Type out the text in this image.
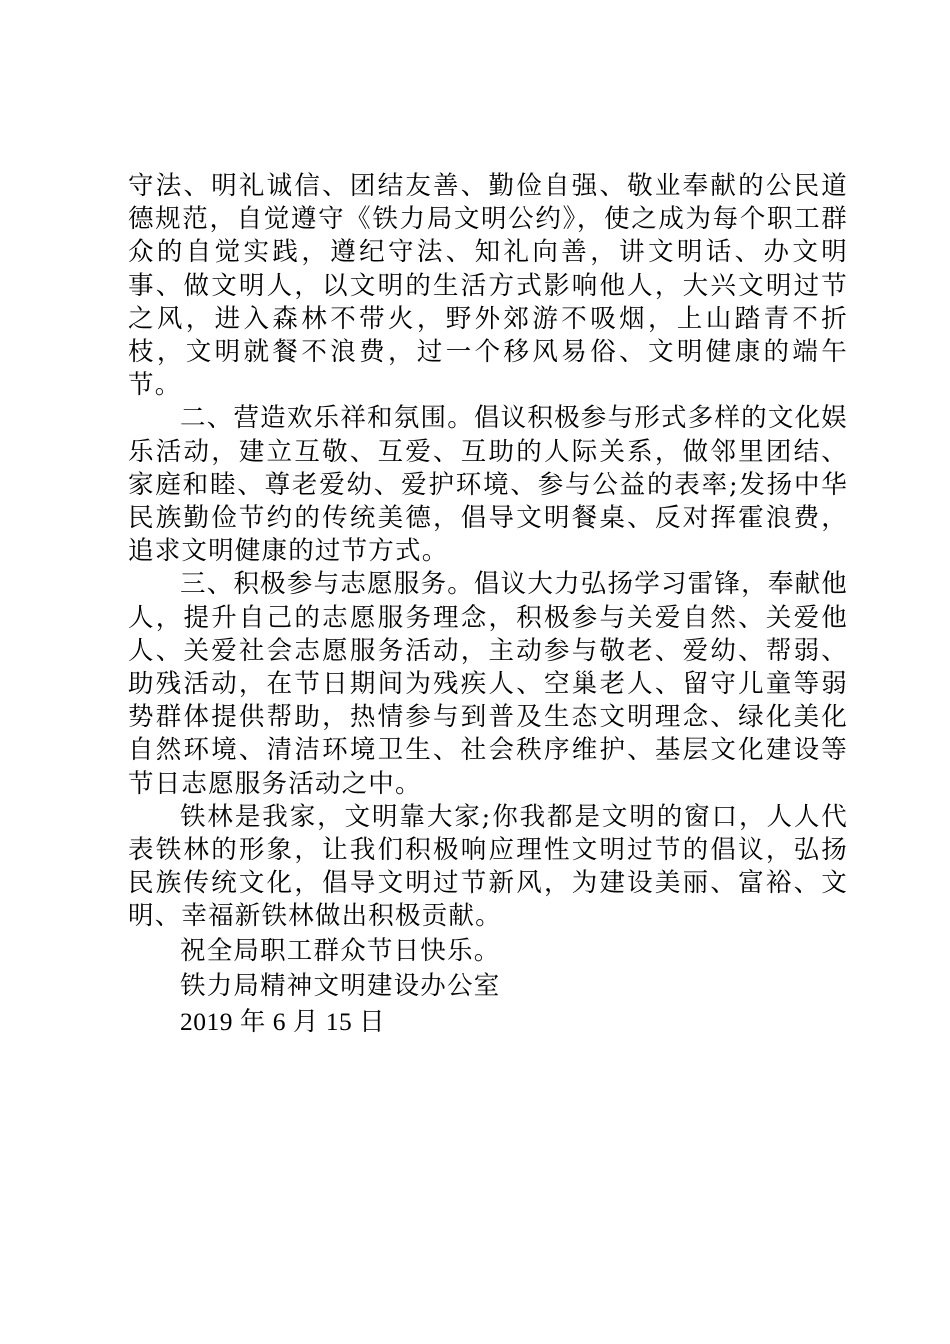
守法、明礼诚信、团结友善、勤俭自强、敬业奉献的公民道德规范，自觉遵守《铁力局文明公约》，使之成为每个职工群众的自觉实践，遵纪守法、知礼向善，讲文明话、办文明事、做文明人，以文明的生活方式影响他人，大兴文明过节之风，进入森林不带火，野外郊游不吸烟，上山踏青不折枝，文明就餐不浪费，过一个移风易俗、文明健康的端午节。

二、营造欢乐祥和氛围。倡议积极参与形式多样的文化娱乐活动，建立互敬、互爱、互助的人际关系，做邻里团结、家庭和睦、尊老爱幼、爱护环境、参与公益的表率;发扬中华民族勤俭节约的传统美德，倡导文明餐桌、反对挥霍浪费，追求文明健康的过节方式。

三、积极参与志愿服务。倡议大力弘扬学习雷锋，奉献他人，提升自己的志愿服务理念，积极参与关爱自然、关爱他人、关爱社会志愿服务活动，主动参与敬老、爱幼、帮弱、助残活动，在节日期间为残疾人、空巢老人、留守儿童等弱势群体提供帮助，热情参与到普及生态文明理念、绿化美化自然环境、清洁环境卫生、社会秩序维护、基层文化建设等节日志愿服务活动之中。

铁林是我家，文明靠大家;你我都是文明的窗口，人人代表铁林的形象，让我们积极响应理性文明过节的倡议，弘扬民族传统文化，倡导文明过节新风，为建设美丽、富裕、文明、幸福新铁林做出积极贡献。

祝全局职工群众节日快乐。

铁力局精神文明建设办公室

2019 年 6 月 15 日
